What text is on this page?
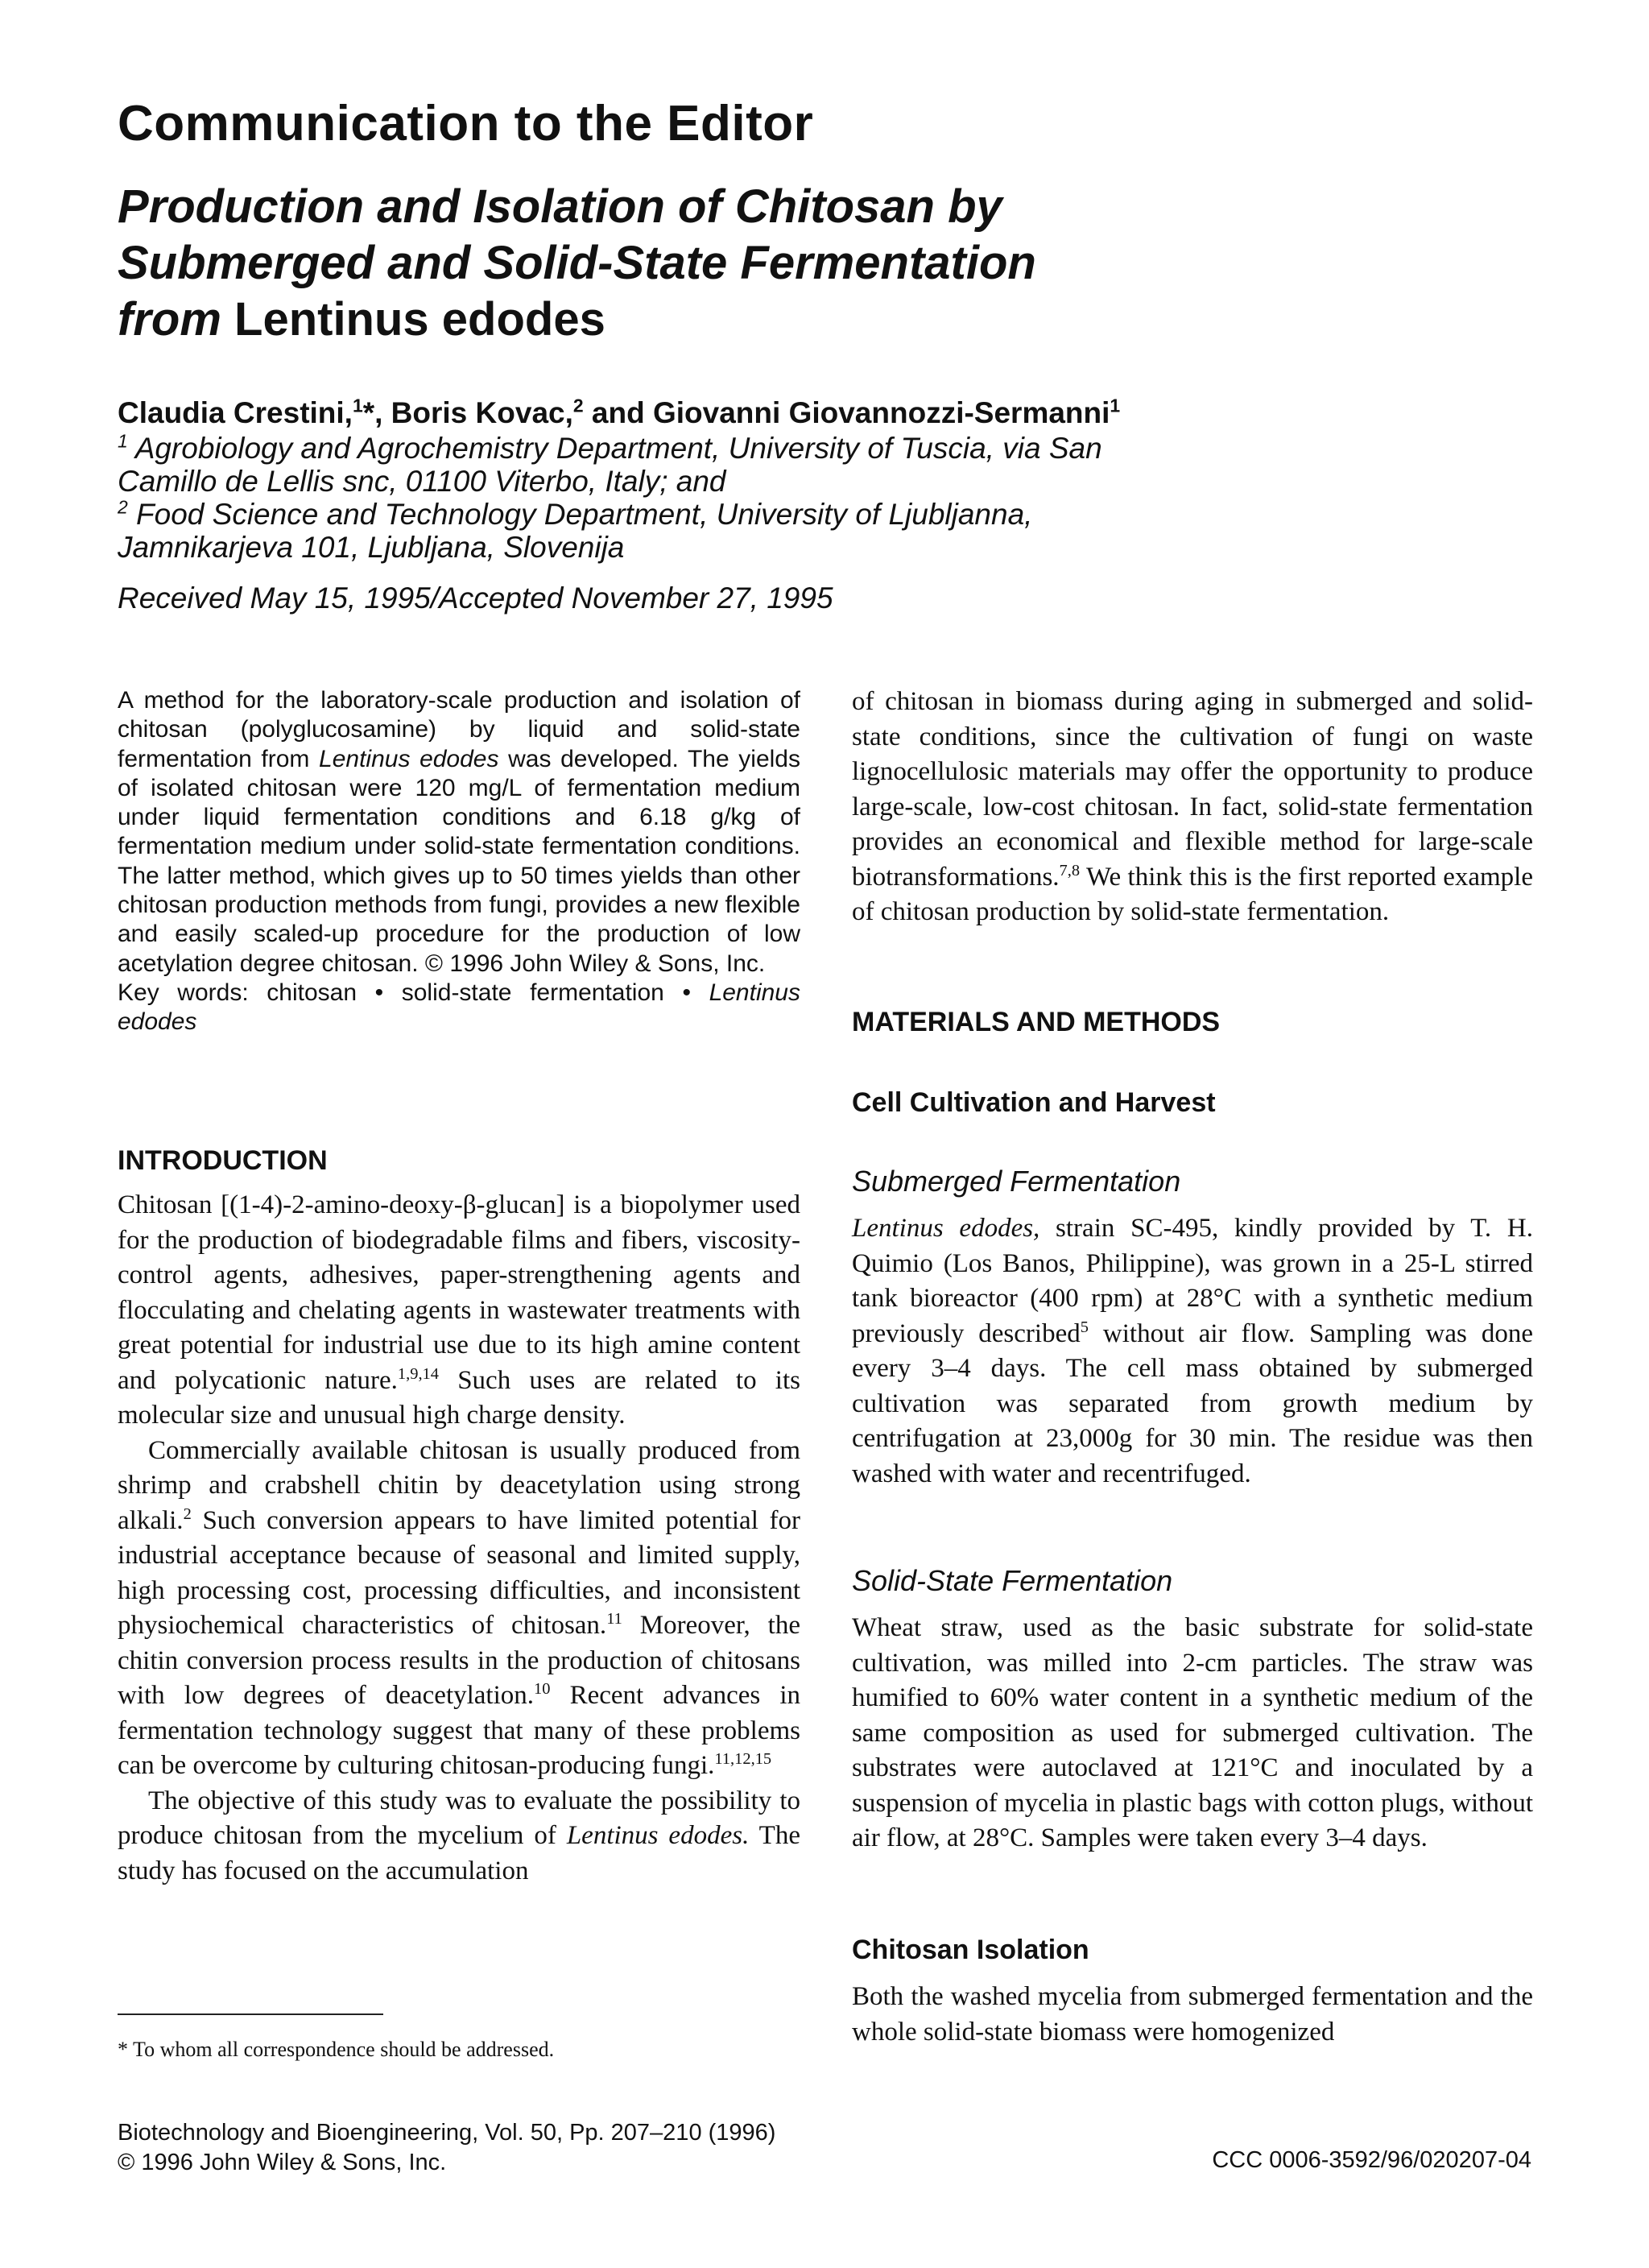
Communication to the Editor
Production and Isolation of Chitosan by
Submerged and Solid-State Fermentation
from Lentinus edodes
Claudia Crestini,$^1$*, Boris Kovac,$^2$ and Giovanni Giovannozzi-Sermanni$^1$
$^1$ Agrobiology and Agrochemistry Department, University of Tuscia, via San Camillo de Lellis snc, 01100 Viterbo, Italy; and
$^2$ Food Science and Technology Department, University of Ljubljanna, Jamnikarjeva 101, Ljubljana, Slovenija
Received May 15, 1995/Accepted November 27, 1995

A method for the laboratory-scale production and isolation of chitosan (polyglucosamine) by liquid and solid-state fermentation from Lentinus edodes was developed. The yields of isolated chitosan were 120 mg/L of fermentation medium under liquid fermentation conditions and 6.18 g/kg of fermentation medium under solid-state fermentation conditions. The latter method, which gives up to 50 times yields than other chitosan production methods from fungi, provides a new flexible and easily scaled-up procedure for the production of low acetylation degree chitosan. © 1996 John Wiley & Sons, Inc.

Key words: chitosan • solid-state fermentation • Lentinus edodes

INTRODUCTION

Chitosan [(1-4)-2-amino-deoxy-β-glucan] is a biopolymer used for the production of biodegradable films and fibers, viscosity-control agents, adhesives, paper-strengthening agents and flocculating and chelating agents in wastewater treatments with great potential for industrial use due to its high amine content and polycationic nature.$^{1,9,14}$ Such uses are related to its molecular size and unusual high charge density.

Commercially available chitosan is usually produced from shrimp and crabshell chitin by deacetylation using strong alkali.$^2$ Such conversion appears to have limited potential for industrial acceptance because of seasonal and limited supply, high processing cost, processing difficulties, and inconsistent physiochemical characteristics of chitosan.$^{11}$ Moreover, the chitin conversion process results in the production of chitosans with low degrees of deacetylation.$^{10}$ Recent advances in fermentation technology suggest that many of these problems can be overcome by culturing chitosan-producing fungi.$^{11,12,15}$

The objective of this study was to evaluate the possibility to produce chitosan from the mycelium of Lentinus edodes. The study has focused on the accumulation

* To whom all correspondence should be addressed.

of chitosan in biomass during aging in submerged and solid-state conditions, since the cultivation of fungi on waste lignocellulosic materials may offer the opportunity to produce large-scale, low-cost chitosan. In fact, solid-state fermentation provides an economical and flexible method for large-scale biotransformations.$^{7,8}$ We think this is the first reported example of chitosan production by solid-state fermentation.

MATERIALS AND METHODS
Cell Cultivation and Harvest
Submerged Fermentation

Lentinus edodes, strain SC-495, kindly provided by T. H. Quimio (Los Banos, Philippine), was grown in a 25-L stirred tank bioreactor (400 rpm) at 28°C with a synthetic medium previously described$^5$ without air flow. Sampling was done every 3–4 days. The cell mass obtained by submerged cultivation was separated from growth medium by centrifugation at 23,000g for 30 min. The residue was then washed with water and recentrifuged.

Solid-State Fermentation

Wheat straw, used as the basic substrate for solid-state cultivation, was milled into 2-cm particles. The straw was humified to 60% water content in a synthetic medium of the same composition as used for submerged cultivation. The substrates were autoclaved at 121°C and inoculated by a suspension of mycelia in plastic bags with cotton plugs, without air flow, at 28°C. Samples were taken every 3–4 days.

Chitosan Isolation

Both the washed mycelia from submerged fermentation and the whole solid-state biomass were homogenized

Biotechnology and Bioengineering, Vol. 50, Pp. 207–210 (1996)
© 1996 John Wiley & Sons, Inc.	CCC 0006-3592/96/020207-04
